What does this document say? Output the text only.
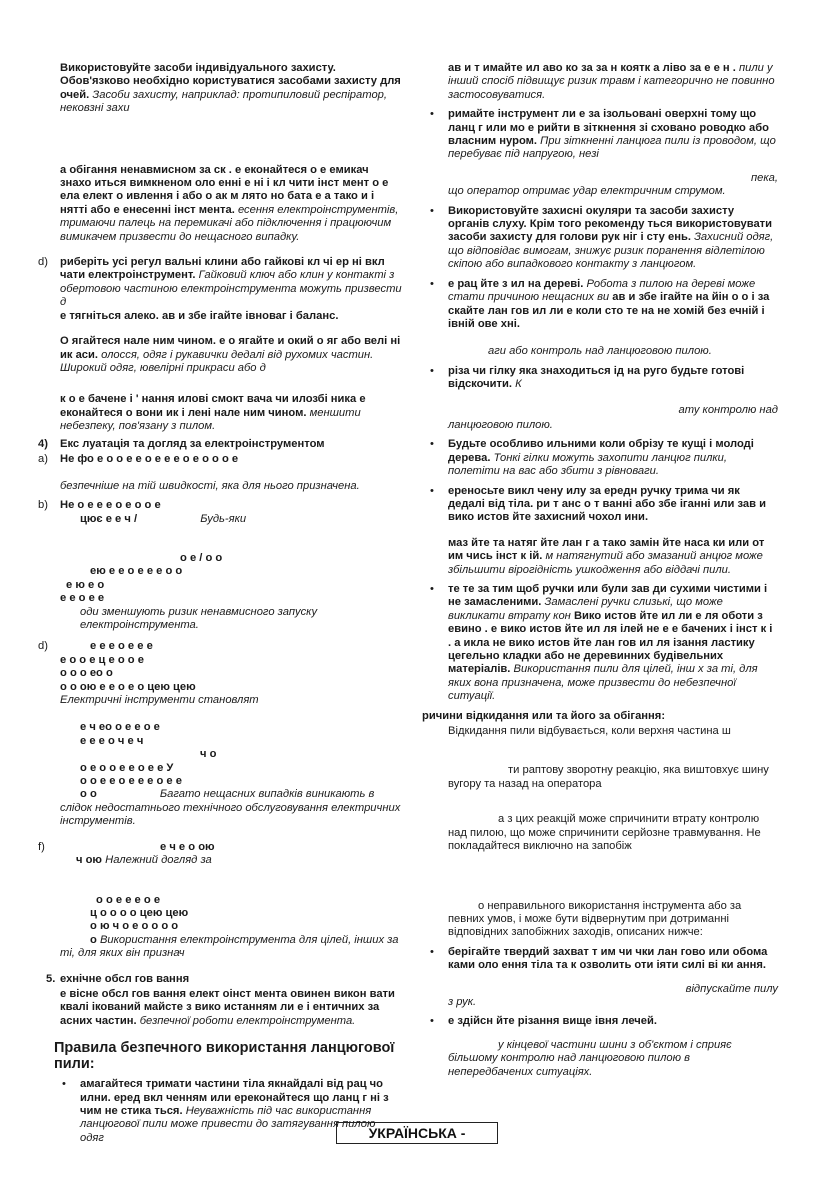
Використовуйте засоби індивідуального захисту. Обов'язково необхідно користуватися засобами захисту для очей. Засоби захисту, наприклад: протипиловий респіратор, нековзні захи
а обігання ненавмисном за ск . е еконайтеся о е емикач знахо иться вимкненом оло енні е ні і кл чити інст мент о е ела елект о ивлення і або о ак м лято но бата е а тако и і нятті або е енесенні інст мента. есення електроінструментів, тримаючи палець на перемикачі або підключення і працюючим вимикачем призвести до нещасного випадку.
d) риберіть усі регул вальні клини або гайкові кл чі ер ні вкл чати електроінструмент. Гайковий ключ або клин у контакті з обертовою частиною електроінструмента можуть призвести д
е тягніться алеко. ав и збе ігайте івноваг і баланс.
О ягайтеся нале ним чином. е о ягайте и окий о яг або велі ні ик аси. олосся, одяг і рукавички дедалі від рухомих частин. Широкий одяг, ювелірні прикраси або д
к о е бачене і ' нання илові смокт вача чи илозбі ника е еконайтеся о вони ик і лені нале ним чином. меншити небезпеку, пов'язану з пилом.
4) Екс луатація та догляд за електроінструментом
a) Не фо е о о е е о е е е о е о о о е

безпечніше на тій швидкості, яка для нього призначена.
b) Не о е е е о е о о е
цює е е ч /	Будь-яки
о е / о о
ею е е о е е е о о
е ю е о
е е о е е
оди зменшують ризик ненавмисного запуску електроінструмента.
d)	е е е о е е е
е о о е ц е о о е
о о о ео о
о о ою е е о е о цею цею
Електричні інструменти становлят
е ч ео о е е о е
е е е о ч е ч
ч о
о е о о е е о е е У
о о е е о е е е о е е
о о	Багато нещасних випадків виникають в слідок недостатнього технічного обслуговування електричних інструментів.
f)	е ч е о ою
ч ою Належний догляд за
о о е е е о е
ц о о о о цею цею
о ю ч о е о о о о
о Використання електроінструмента для цілей, інших за ті, для яких він признач
5. ехнічне обсл гов вання
е вісне обсл гов вання елект оінст мента овинен викон вати квалі ікований майсте з вико истанням ли е і ентичних за асних частин. безпечної роботи електроінструмента.
Правила безпечного використання ланцюгової пили:
• амагайтеся тримати частини тіла якнайдалі від рац чо илни. еред вкл ченням или ереконайтеся що ланц г ні з чим не стика ться. Неуважність під час використання ланцюгової пили може привести до затягування пилою одяг
ав и т имайте ил аво ко за за н коятк а ліво за е е н . пили у інший спосіб підвищує ризик травм і категорично не повинно застосовуватися.
• римайте інструмент ли е за ізольовані оверхні тому що ланц г или мо е рийти в зіткнення зі сховано роводко або власним нуром. При зіткненні ланцюга пили із проводом, що перебуває під напругою, незі
пека,
що оператор отримає удар електричним струмом.
• Використовуйте захисні окуляри та засоби захисту органів слуху. Крім того рекоменду ться використовувати засоби захисту для голови рук ніг і сту ень. Захисний одяг, що відповідає вимогам, знижує ризик поранення відлетілою скіпою або випадкового контакту з ланцюгом.
• е рац йте з ил на дереві. Робота з пилою на дереві може стати причиною нещасних ви ав и збе ігайте на йін о о і за скайте лан гов ил ли е коли сто те на не хомій без ечній і івній ове хні.
аги або контроль над ланцюговою пилою.
• різа чи гілку яка знаходиться ід на руго будьте готові відскочити. К
ату контролю над
ланцюговою пилою.
• Будьте особливо ильними коли обрізу те кущі і молоді дерева. Тонкі гілки можуть захопити ланцюг пилки, полетіти на вас або збити з рівноваги.
• ереносьте викл чену илу за ередн ручку трима чи як дедалі від тіла. ри т анс о т ванні або збе іганні или зав и вико истов йте захисний чохол ини.
маз йте та натяг йте лан г а тако замін йте наса ки или от им чись інст к ій. м натягнутий або змазаний анцюг може збільшити вірогідність ушкодження або віддачі пили.
• те те за тим щоб ручки или були зав ди сухими чистими і не замасленими. Замаслені ручки слизькі, що може викликати втрату кон Вико истов йте ил ли е ля оботи з евино . е вико истов йте ил ля ілей не е е бачених і інст к і . а икла не вико истов йте лан гов ил ля ізання ластику цегельно кладки або не деревинних будівельних матеріалів. Використання пили для цілей, інш х за ті, для яких вона призначена, може призвести до небезпечної ситуації.
ричини відкидання или та його за обігання:
Відкидання пили відбувається, коли верхня частина ш
ти раптову зворотну реакцію, яка виштовхує шину вугору та назад на оператора
а з цих реакцій може спричинити втрату контролю над пилою, що може спричинити серйозне травмування. Не покладайтеся виключно на запобіж
о неправильного використання інструмента або за певних умов, і може бути відвернутим при дотриманні відповідних запобіжних заходів, описаних нижче:
• берігайте твердий захват т им чи чки лан гово или обома ками оло ення тіла та к озволить оти іяти силі ві ки ання.
відпускайте пилу
з рук.
• е здійсн йте різання вище івня лечей.
у кінцевої частини шини з об'єктом і сприяє більшому контролю над ланцюговою пилою в непередбачених ситуаціях.
УКРАЇНСЬКА -
